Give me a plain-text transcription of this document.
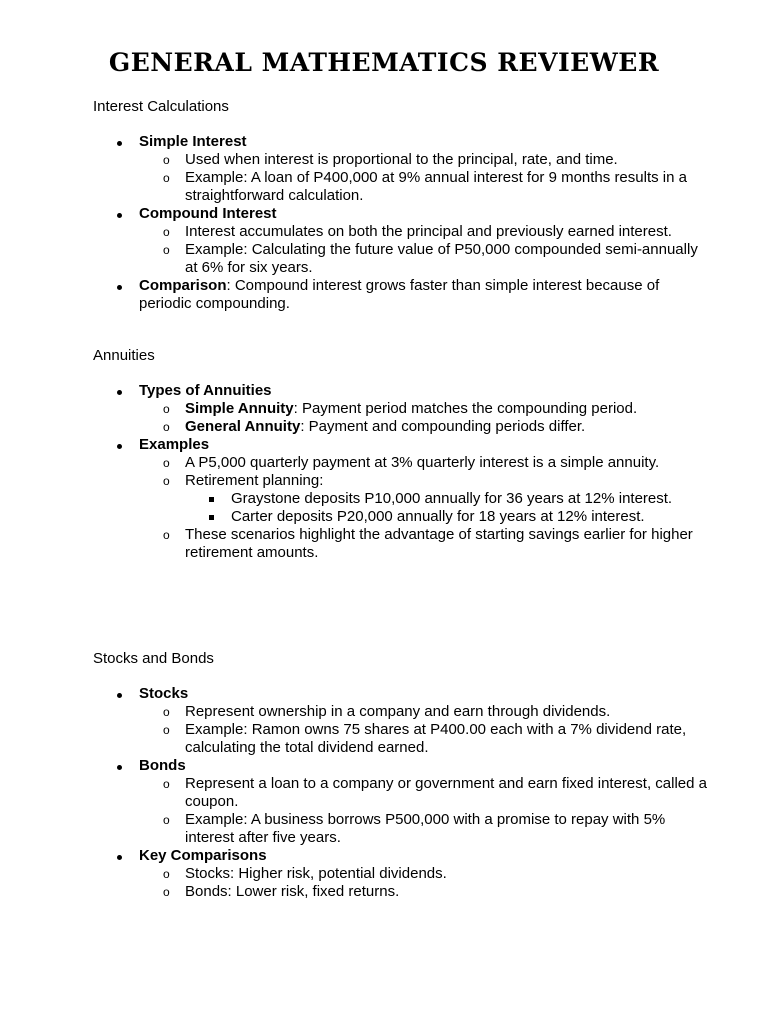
GENERAL MATHEMATICS REVIEWER
Interest Calculations
Simple Interest
o Used when interest is proportional to the principal, rate, and time.
o Example: A loan of P400,000 at 9% annual interest for 9 months results in a straightforward calculation.
Compound Interest
o Interest accumulates on both the principal and previously earned interest.
o Example: Calculating the future value of P50,000 compounded semi-annually at 6% for six years.
Comparison: Compound interest grows faster than simple interest because of periodic compounding.
Annuities
Types of Annuities
o Simple Annuity: Payment period matches the compounding period.
o General Annuity: Payment and compounding periods differ.
Examples
o A P5,000 quarterly payment at 3% quarterly interest is a simple annuity.
o Retirement planning:
Graystone deposits P10,000 annually for 36 years at 12% interest.
Carter deposits P20,000 annually for 18 years at 12% interest.
o These scenarios highlight the advantage of starting savings earlier for higher retirement amounts.
Stocks and Bonds
Stocks
o Represent ownership in a company and earn through dividends.
o Example: Ramon owns 75 shares at P400.00 each with a 7% dividend rate, calculating the total dividend earned.
Bonds
o Represent a loan to a company or government and earn fixed interest, called a coupon.
o Example: A business borrows P500,000 with a promise to repay with 5% interest after five years.
Key Comparisons
o Stocks: Higher risk, potential dividends.
o Bonds: Lower risk, fixed returns.
